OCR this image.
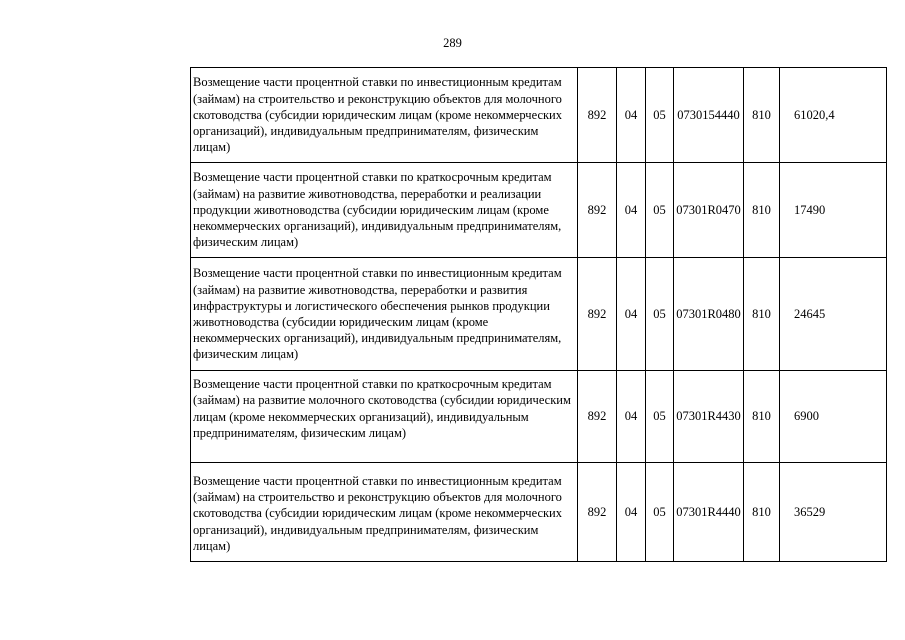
289
Возмещение части процентной ставки по инвестиционным кредитам (займам) на строительство и реконструкцию объектов для молочного скотоводства (субсидии юридическим лицам (кроме некоммерческих организаций), индивидуальным предпринимателям, физическим лицам)	892	04	05	0730154440	810	61020,4
Возмещение части процентной ставки по краткосрочным кредитам (займам) на развитие животноводства, переработки и реализации продукции животноводства (субсидии юридическим лицам (кроме некоммерческих организаций), индивидуальным предпринимателям, физическим лицам)	892	04	05	07301R0470	810	17490
Возмещение части процентной ставки по инвестиционным кредитам (займам) на развитие животноводства, переработки и развития инфраструктуры и логистического обеспечения рынков продукции животноводства (субсидии юридическим лицам (кроме некоммерческих организаций), индивидуальным предпринимателям, физическим лицам)	892	04	05	07301R0480	810	24645
Возмещение части процентной ставки по краткосрочным кредитам (займам) на развитие молочного скотоводства (субсидии юридическим лицам (кроме некоммерческих организаций), индивидуальным предпринимателям, физическим лицам)	892	04	05	07301R4430	810	6900
Возмещение части процентной ставки по инвестиционным кредитам (займам) на строительство и реконструкцию объектов для молочного скотоводства (субсидии юридическим лицам (кроме некоммерческих организаций), индивидуальным предпринимателям, физическим лицам)	892	04	05	07301R4440	810	36529
